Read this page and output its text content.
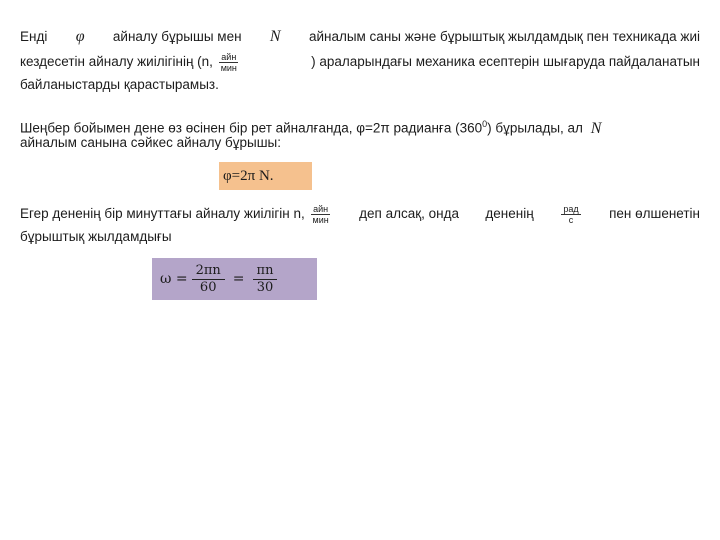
Енді φ айналу бұрышы мен N айналым саны және бұрыштық жылдамдық пен техникада жиі
кездесетін айналу жиілігінің (n, $\frac{\text{айн}}{\text{мин}}$	) араларындағы механика есептерін шығаруда пайдаланатын
байланыстарды қарастырамыз.
Шеңбер бойымен дене өз өсінен бір рет айналғанда, φ=2π радианға $(360^0)$ бұрылады, ал N
айналым санына сәйкес айналу бұрышы:
φ=2π N.
Егер дененің бір минуттағы айналу жиілігін n, $\frac{\text{айн}}{\text{мин}}$ деп алсақ, онда дененің	$\frac{\text{рад}}{с}$ пен өлшенетін
бұрыштық жылдамдығы
$\omega = \frac{2\pi n}{60} = \frac{\pi n}{30}$
